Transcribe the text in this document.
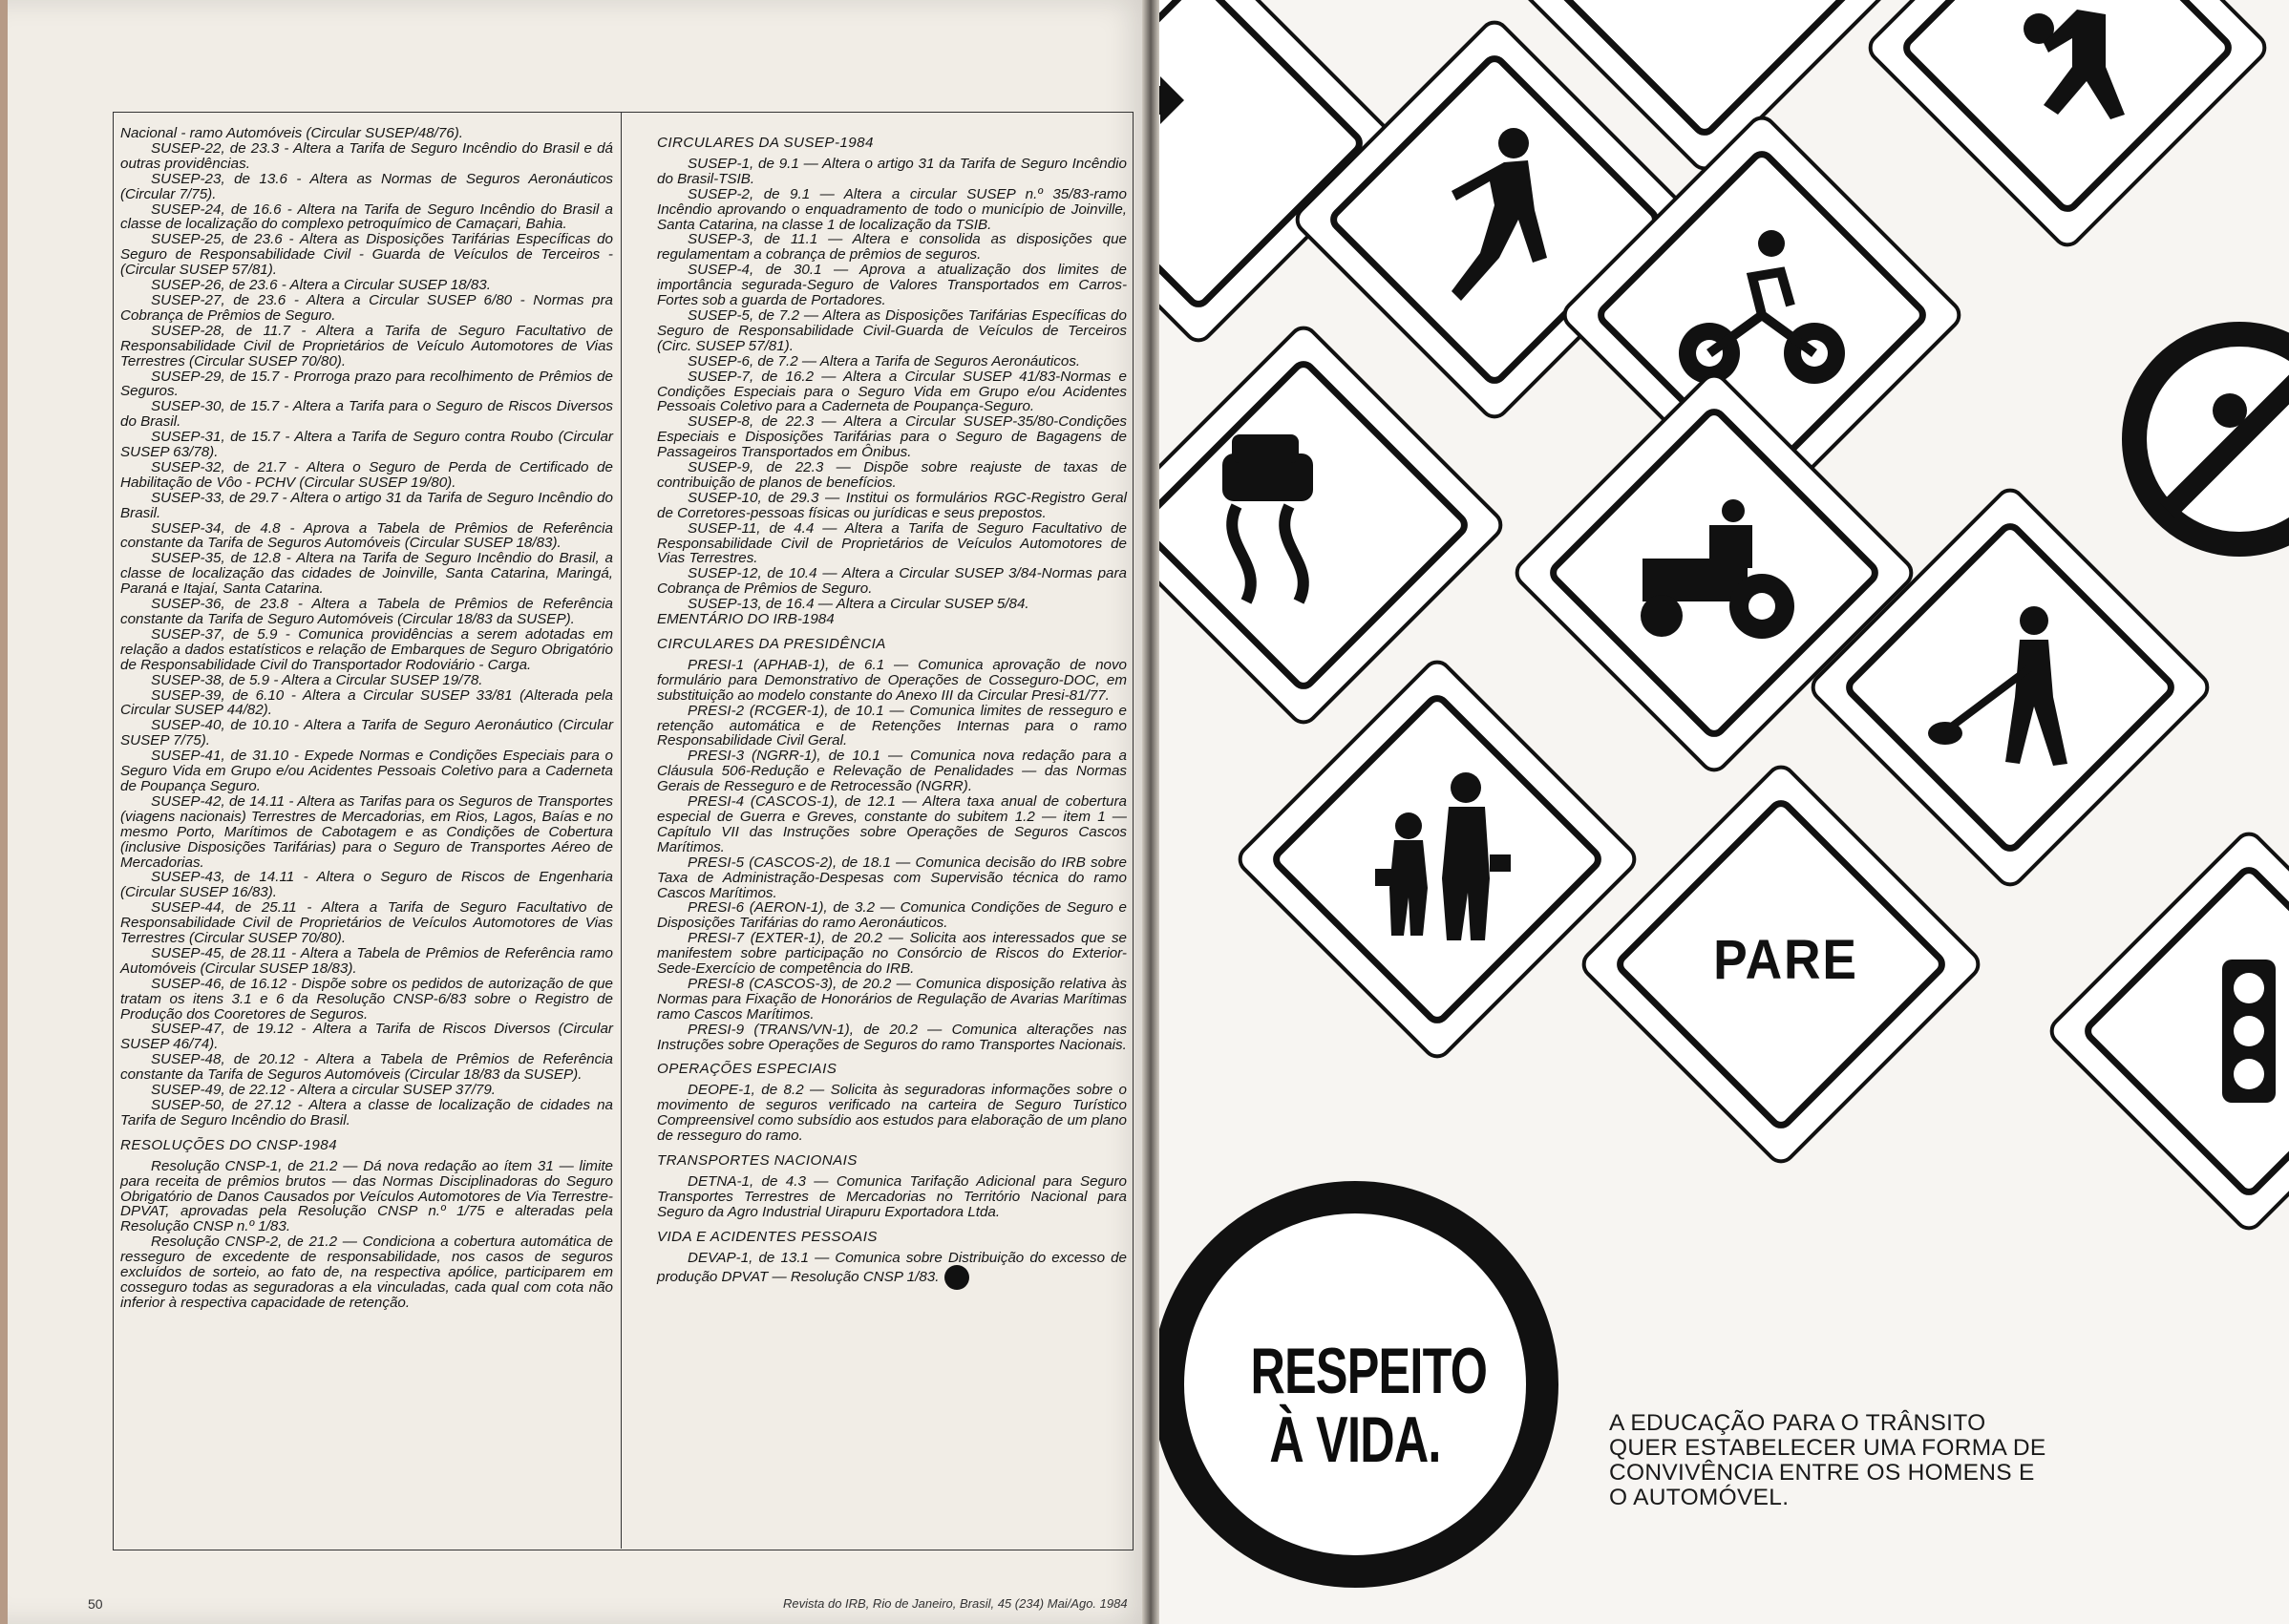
Nacional - ramo Automóveis (Circular SUSEP/48/76).

SUSEP-22, de 23.3 - Altera a Tarifa de Seguro Incêndio do Brasil e dá outras providências.

SUSEP-23, de 13.6 - Altera as Normas de Seguros Aeronáuticos (Circular 7/75).

SUSEP-24, de 16.6 - Altera na Tarifa de Seguro Incêndio do Brasil a classe de localização do complexo petroquímico de Camaçari, Bahia.

SUSEP-25, de 23.6 - Altera as Disposições Tarifárias Específicas do Seguro de Responsabilidade Civil - Guarda de Veículos de Terceiros - (Circular SUSEP 57/81).

SUSEP-26, de 23.6 - Altera a Circular SUSEP 18/83.

SUSEP-27, de 23.6 - Altera a Circular SUSEP 6/80 - Normas pra Cobrança de Prêmios de Seguro.

SUSEP-28, de 11.7 - Altera a Tarifa de Seguro Facultativo de Responsabilidade Civil de Proprietários de Veículo Automotores de Vias Terrestres (Circular SUSEP 70/80).

SUSEP-29, de 15.7 - Prorroga prazo para recolhimento de Prêmios de Seguros.

SUSEP-30, de 15.7 - Altera a Tarifa para o Seguro de Riscos Diversos do Brasil.

SUSEP-31, de 15.7 - Altera a Tarifa de Seguro contra Roubo (Circular SUSEP 63/78).

SUSEP-32, de 21.7 - Altera o Seguro de Perda de Certificado de Habilitação de Vôo - PCHV (Circular SUSEP 19/80).

SUSEP-33, de 29.7 - Altera o artigo 31 da Tarifa de Seguro Incêndio do Brasil.

SUSEP-34, de 4.8 - Aprova a Tabela de Prêmios de Referência constante da Tarifa de Seguros Automóveis (Circular SUSEP 18/83).

SUSEP-35, de 12.8 - Altera na Tarifa de Seguro Incêndio do Brasil, a classe de localização das cidades de Joinville, Santa Catarina, Maringá, Paraná e Itajaí, Santa Catarina.

SUSEP-36, de 23.8 - Altera a Tabela de Prêmios de Referência constante da Tarifa de Seguro Automóveis (Circular 18/83 da SUSEP).

SUSEP-37, de 5.9 - Comunica providências a serem adotadas em relação a dados estatísticos e relação de Embarques de Seguro Obrigatório de Responsabilidade Civil do Transportador Rodoviário - Carga.

SUSEP-38, de 5.9 - Altera a Circular SUSEP 19/78.

SUSEP-39, de 6.10 - Altera a Circular SUSEP 33/81 (Alterada pela Circular SUSEP 44/82).

SUSEP-40, de 10.10 - Altera a Tarifa de Seguro Aeronáutico (Circular SUSEP 7/75).

SUSEP-41, de 31.10 - Expede Normas e Condições Especiais para o Seguro Vida em Grupo e/ou Acidentes Pessoais Coletivo para a Caderneta de Poupança Seguro.

SUSEP-42, de 14.11 - Altera as Tarifas para os Seguros de Transportes (viagens nacionais) Terrestres de Mercadorias, em Rios, Lagos, Baías e no mesmo Porto, Marítimos de Cabotagem e as Condições de Cobertura (inclusive Disposições Tarifárias) para o Seguro de Transportes Aéreo de Mercadorias.

SUSEP-43, de 14.11 - Altera o Seguro de Riscos de Engenharia (Circular SUSEP 16/83).

SUSEP-44, de 25.11 - Altera a Tarifa de Seguro Facultativo de Responsabilidade Civil de Proprietários de Veículos Automotores de Vias Terrestres (Circular SUSEP 70/80).

SUSEP-45, de 28.11 - Altera a Tabela de Prêmios de Referência ramo Automóveis (Circular SUSEP 18/83).

SUSEP-46, de 16.12 - Dispõe sobre os pedidos de autorização de que tratam os itens 3.1 e 6 da Resolução CNSP-6/83 sobre o Registro de Produção dos Cooretores de Seguros.

SUSEP-47, de 19.12 - Altera a Tarifa de Riscos Diversos (Circular SUSEP 46/74).

SUSEP-48, de 20.12 - Altera a Tabela de Prêmios de Referência constante da Tarifa de Seguros Automóveis (Circular 18/83 da SUSEP).

SUSEP-49, de 22.12 - Altera a circular SUSEP 37/79.

SUSEP-50, de 27.12 - Altera a classe de localização de cidades na Tarifa de Seguro Incêndio do Brasil.

RESOLUÇÕES DO CNSP-1984

Resolução CNSP-1, de 21.2 — Dá nova redação ao ítem 31 — limite para receita de prêmios brutos — das Normas Disciplinadoras do Seguro Obrigatório de Danos Causados por Veículos Automotores de Via Terrestre-DPVAT, aprovadas pela Resolução CNSP n.º 1/75 e alteradas pela Resolução CNSP n.º 1/83.

Resolução CNSP-2, de 21.2 — Condiciona a cobertura automática de resseguro de excedente de responsabilidade, nos casos de seguros excluídos de sorteio, ao fato de, na respectiva apólice, participarem em cosseguro todas as seguradoras a ela vinculadas, cada qual com cota não inferior à respectiva capacidade de retenção.

CIRCULARES DA SUSEP-1984

SUSEP-1, de 9.1 — Altera o artigo 31 da Tarifa de Seguro Incêndio do Brasil-TSIB.

SUSEP-2, de 9.1 — Altera a circular SUSEP n.º 35/83-ramo Incêndio aprovando o enquadramento de todo o município de Joinville, Santa Catarina, na classe 1 de localização da TSIB.

SUSEP-3, de 11.1 — Altera e consolida as disposições que regulamentam a cobrança de prêmios de seguros.

SUSEP-4, de 30.1 — Aprova a atualização dos limites de importância segurada-Seguro de Valores Transportados em Carros-Fortes sob a guarda de Portadores.

SUSEP-5, de 7.2 — Altera as Disposições Tarifárias Específicas do Seguro de Responsabilidade Civil-Guarda de Veículos de Terceiros (Circ. SUSEP 57/81).

SUSEP-6, de 7.2 — Altera a Tarifa de Seguros Aeronáuticos.

SUSEP-7, de 16.2 — Altera a Circular SUSEP 41/83-Normas e Condições Especiais para o Seguro Vida em Grupo e/ou Acidentes Pessoais Coletivo para a Caderneta de Poupança-Seguro.

SUSEP-8, de 22.3 — Altera a Circular SUSEP-35/80-Condições Especiais e Disposições Tarifárias para o Seguro de Bagagens de Passageiros Transportados em Ônibus.

SUSEP-9, de 22.3 — Dispõe sobre reajuste de taxas de contribuição de planos de benefícios.

SUSEP-10, de 29.3 — Institui os formulários RGC-Registro Geral de Corretores-pessoas físicas ou jurídicas e seus prepostos.

SUSEP-11, de 4.4 — Altera a Tarifa de Seguro Facultativo de Responsabilidade Civil de Proprietários de Veículos Automotores de Vias Terrestres.

SUSEP-12, de 10.4 — Altera a Circular SUSEP 3/84-Normas para Cobrança de Prêmios de Seguro.

SUSEP-13, de 16.4 — Altera a Circular SUSEP 5/84.

EMENTÁRIO DO IRB-1984

CIRCULARES DA PRESIDÊNCIA

PRESI-1 (APHAB-1), de 6.1 — Comunica aprovação de novo formulário para Demonstrativo de Operações de Cosseguro-DOC, em substituição ao modelo constante do Anexo III da Circular Presi-81/77.

PRESI-2 (RCGER-1), de 10.1 — Comunica limites de resseguro e retenção automática e de Retenções Internas para o ramo Responsabilidade Civil Geral.

PRESI-3 (NGRR-1), de 10.1 — Comunica nova redação para a Cláusula 506-Redução e Relevação de Penalidades — das Normas Gerais de Resseguro e de Retrocessão (NGRR).

PRESI-4 (CASCOS-1), de 12.1 — Altera taxa anual de cobertura especial de Guerra e Greves, constante do subitem 1.2 — item 1 — Capítulo VII das Instruções sobre Operações de Seguros Cascos Marítimos.

PRESI-5 (CASCOS-2), de 18.1 — Comunica decisão do IRB sobre Taxa de Administração-Despesas com Supervisão técnica do ramo Cascos Marítimos.

PRESI-6 (AERON-1), de 3.2 — Comunica Condições de Seguro e Disposições Tarifárias do ramo Aeronáuticos.

PRESI-7 (EXTER-1), de 20.2 — Solicita aos interessados que se manifestem sobre participação no Consórcio de Riscos do Exterior-Sede-Exercício de competência do IRB.

PRESI-8 (CASCOS-3), de 20.2 — Comunica disposição relativa às Normas para Fixação de Honorários de Regulação de Avarias Marítimas ramo Cascos Marítimos.

PRESI-9 (TRANS/VN-1), de 20.2 — Comunica alterações nas Instruções sobre Operações de Seguros do ramo Transportes Nacionais.

OPERAÇÕES ESPECIAIS

DEOPE-1, de 8.2 — Solicita às seguradoras informações sobre o movimento de seguros verificado na carteira de Seguro Turístico Compreensivel como subsídio aos estudos para elaboração de um plano de resseguro do ramo.

TRANSPORTES NACIONAIS

DETNA-1, de 4.3 — Comunica Tarifação Adicional para Seguro Transportes Terrestres de Mercadorias no Território Nacional para Seguro da Agro Industrial Uirapuru Exportadora Ltda.

VIDA E ACIDENTES PESSOAIS

DEVAP-1, de 13.1 — Comunica sobre Distribuição do excesso de produção DPVAT — Resolução CNSP 1/83.

50	Revista do IRB, Rio de Janeiro, Brasil, 45 (234) Mai/Ago. 1984
PARE
RESPEITO
À VIDA.	A EDUCAÇÃO PARA O TRÂNSITO QUER ESTABELECER UMA FORMA DE CONVIVÊNCIA ENTRE OS HOMENS E O AUTOMÓVEL.
